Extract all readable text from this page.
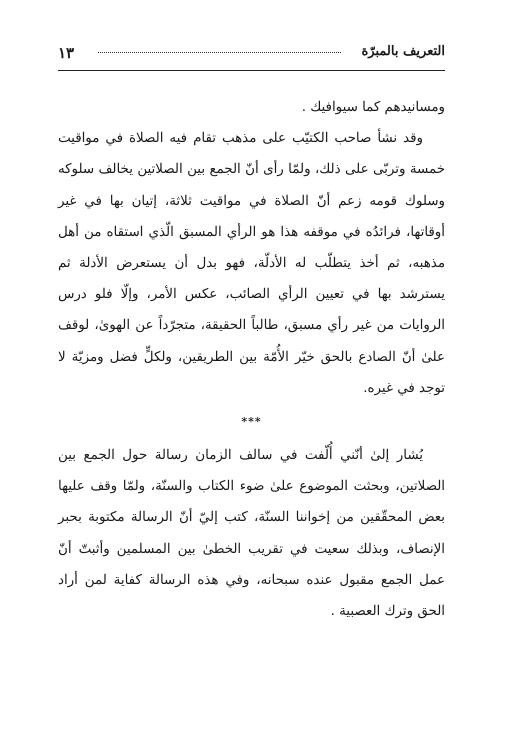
التعريف بالمبرّة
١٣

ومسانيدهم كما سيوافيك .

وقد نشأ صاحب الكتيّب على مذهب تقام فيه الصلاة في مواقيت خمسة وتربّى على ذلك، ولمّا رأى أنّ الجمع بين الصلاتين يخالف سلوكه وسلوك قومه زعم أنّ الصلاة في مواقيت ثلاثة، إتيان بها في غير أوقاتها، فرائدُه في موقفه هذا هو الرأي المسبق الّذي استقاه من أهل مذهبه، ثم أخذ يتطلّب له الأدلّة، فهو بدل أن يستعرض الأدلة ثم يسترشد بها في تعيين الرأي الصائب، عكس الأمر، وإلّا فلو درس الروايات من غير رأي مسبق، طالباً الحقيقة، متجرّداً عن الهوىٰ، لوقف علىٰ أنّ الصادع بالحق خيّر الأُمّة بين الطريقين، ولكلٍّ فضل ومزيّة لا توجد في غيره.

***

يُشار إلىٰ أنّني أُلّفت في سالف الزمان رسالة حول الجمع بين الصلاتين، وبحثت الموضوع علىٰ ضوء الكتاب والسنّة، ولمّا وقف عليها بعض المحقّقين من إخواننا السنّة، كتب إليّ أنّ الرسالة مكتوبة بحبر الإنصاف، وبذلك سعيت في تقريب الخطىٰ بين المسلمين وأثبتّ أنّ عمل الجمع مقبول عنده سبحانه، وفي هذه الرسالة كفاية لمن أراد الحق وترك العصبية .
